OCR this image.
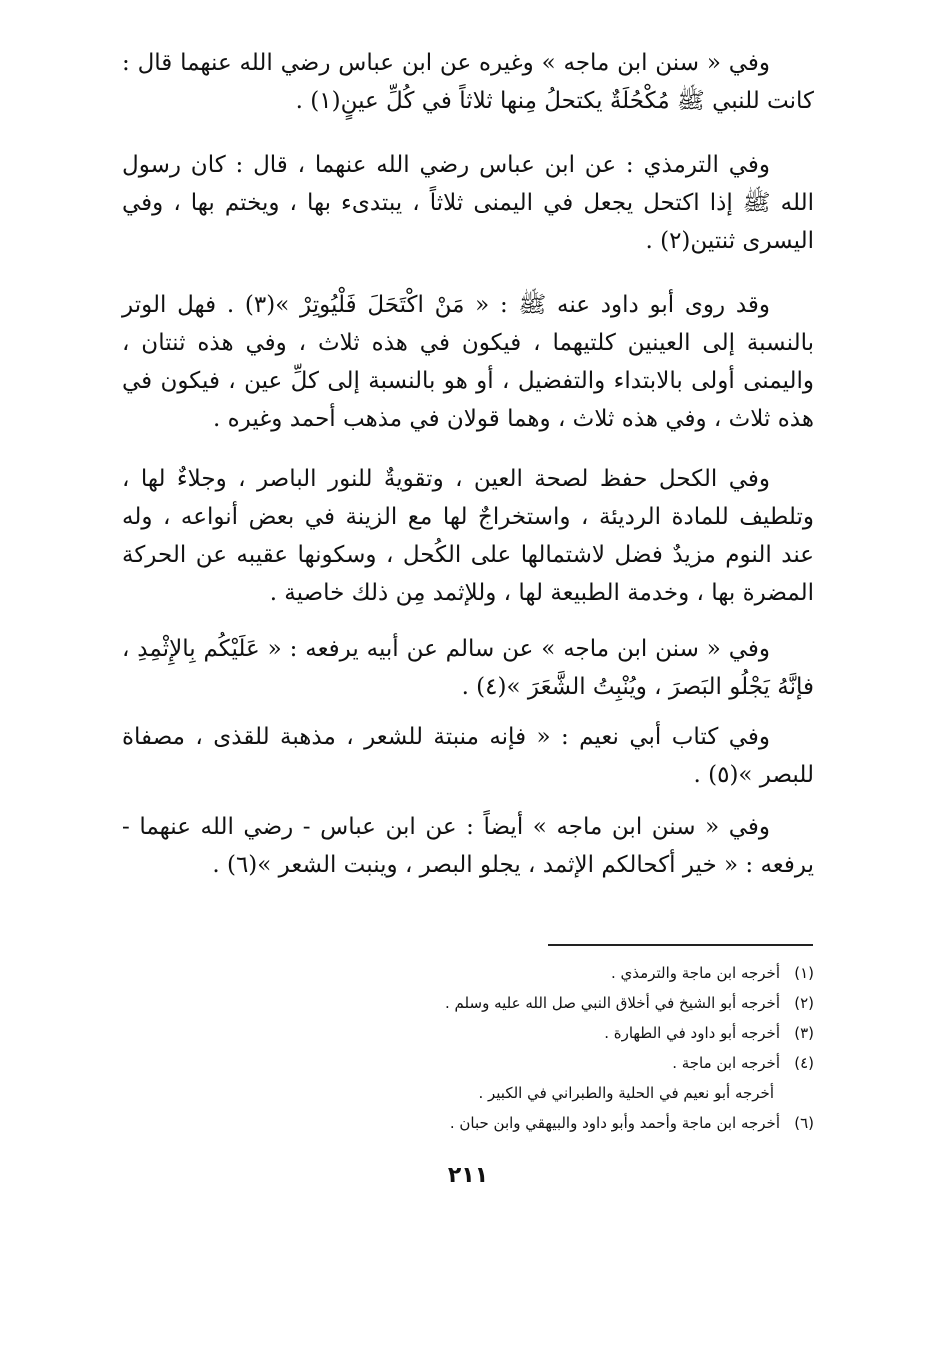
وفي « سنن ابن ماجه » وغيره عن ابن عباس رضي الله عنهما قال : كانت للنبي ﷺ مُكْحُلَةٌ يكتحلُ مِنها ثلاثاً في كُلِّ عينٍ(١) .

وفي الترمذي : عن ابن عباس رضي الله عنهما ، قال : كان رسول الله ﷺ إذا اكتحل يجعل في اليمنى ثلاثاً ، يبتدىء بها ، ويختم بها ، وفي اليسرى ثنتين(٢) .

وقد روى أبو داود عنه ﷺ : « مَنْ اكْتَحَلَ فَلْيُوتِرْ »(٣) . فهل الوتر بالنسبة إلى العينين كلتيهما ، فيكون في هذه ثلاث ، وفي هذه ثنتان ، واليمنى أولى بالابتداء والتفضيل ، أو هو بالنسبة إلى كلِّ عين ، فيكون في هذه ثلاث ، وفي هذه ثلاث ، وهما قولان في مذهب أحمد وغيره .

وفي الكحل حفظ لصحة العين ، وتقويةٌ للنور الباصر ، وجلاءٌ لها ، وتلطيف للمادة الرديئة ، واستخراجٌ لها مع الزينة في بعض أنواعه ، وله عند النوم مزيدٌ فضل لاشتمالها على الكُحل ، وسكونها عقيبه عن الحركة المضرة بها ، وخدمة الطبيعة لها ، وللإثمد مِن ذلك خاصية .

وفي « سنن ابن ماجه » عن سالم عن أبيه يرفعه : « عَلَيْكُم بِالإِثْمِدِ ، فإنَّهُ يَجْلُو البَصرَ ، ويُنْبِتُ الشَّعَرَ »(٤) .

وفي كتاب أبي نعيم : « فإنه منبتة للشعر ، مذهبة للقذى ، مصفاة للبصر »(٥) .

وفي « سنن ابن ماجه » أيضاً : عن ابن عباس - رضي الله عنهما - يرفعه : « خير أكحالكم الإثمد ، يجلو البصر ، وينبت الشعر »(٦) .

(١)أخرجه ابن ماجة والترمذي .

(٢)أخرجه أبو الشيخ في أخلاق النبي صل الله عليه وسلم .

(٣)أخرجه أبو داود في الطهارة .

(٤)أخرجه ابن ماجة .

أخرجه أبو نعيم في الحلية والطبراني في الكبير .

(٦)أخرجه ابن ماجة وأحمد وأبو داود والبيهقي وابن حبان .

٢١١
